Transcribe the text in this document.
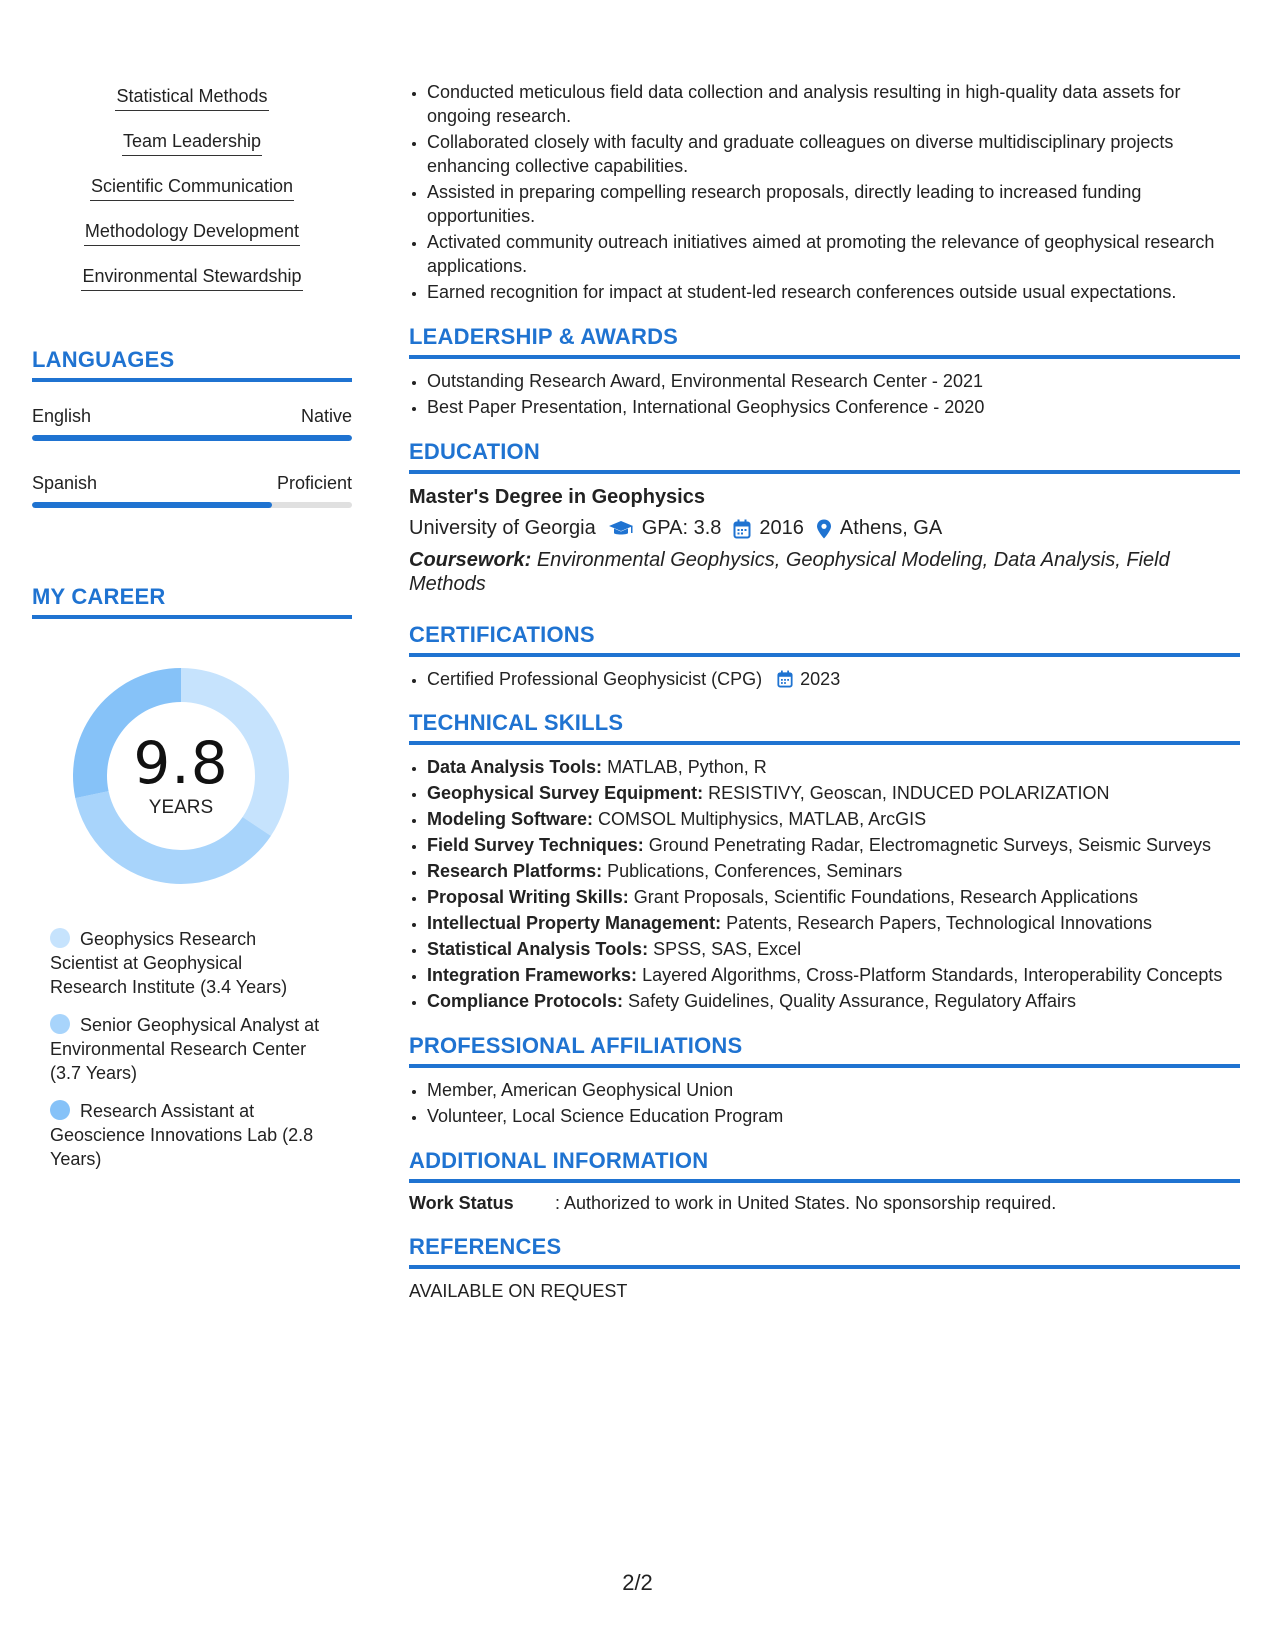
Statistical Methods
Team Leadership
Scientific Communication
Methodology Development
Environmental Stewardship
LANGUAGES
English	Native
Spanish	Proficient
MY CAREER
9.8
YEARS
Geophysics Research Scientist at Geophysical Research Institute (3.4 Years)
Senior Geophysical Analyst at Environmental Research Center (3.7 Years)
Research Assistant at Geoscience Innovations Lab (2.8 Years)
• Conducted meticulous field data collection and analysis resulting in high-quality data assets for ongoing research.
• Collaborated closely with faculty and graduate colleagues on diverse multidisciplinary projects enhancing collective capabilities.
• Assisted in preparing compelling research proposals, directly leading to increased funding opportunities.
• Activated community outreach initiatives aimed at promoting the relevance of geophysical research applications.
• Earned recognition for impact at student-led research conferences outside usual expectations.
LEADERSHIP & AWARDS
• Outstanding Research Award, Environmental Research Center - 2021
• Best Paper Presentation, International Geophysics Conference - 2020
EDUCATION
Master's Degree in Geophysics
University of Georgia GPA: 3.8 2016 Athens, GA
Coursework: Environmental Geophysics, Geophysical Modeling, Data Analysis, Field Methods
CERTIFICATIONS
• Certified Professional Geophysicist (CPG) 2023
TECHNICAL SKILLS
• Data Analysis Tools: MATLAB, Python, R
• Geophysical Survey Equipment: RESISTIVY, Geoscan, INDUCED POLARIZATION
• Modeling Software: COMSOL Multiphysics, MATLAB, ArcGIS
• Field Survey Techniques: Ground Penetrating Radar, Electromagnetic Surveys, Seismic Surveys
• Research Platforms: Publications, Conferences, Seminars
• Proposal Writing Skills: Grant Proposals, Scientific Foundations, Research Applications
• Intellectual Property Management: Patents, Research Papers, Technological Innovations
• Statistical Analysis Tools: SPSS, SAS, Excel
• Integration Frameworks: Layered Algorithms, Cross-Platform Standards, Interoperability Concepts
• Compliance Protocols: Safety Guidelines, Quality Assurance, Regulatory Affairs
PROFESSIONAL AFFILIATIONS
• Member, American Geophysical Union
• Volunteer, Local Science Education Program
ADDITIONAL INFORMATION
Work Status	: Authorized to work in United States. No sponsorship required.
REFERENCES
AVAILABLE ON REQUEST
2/2
